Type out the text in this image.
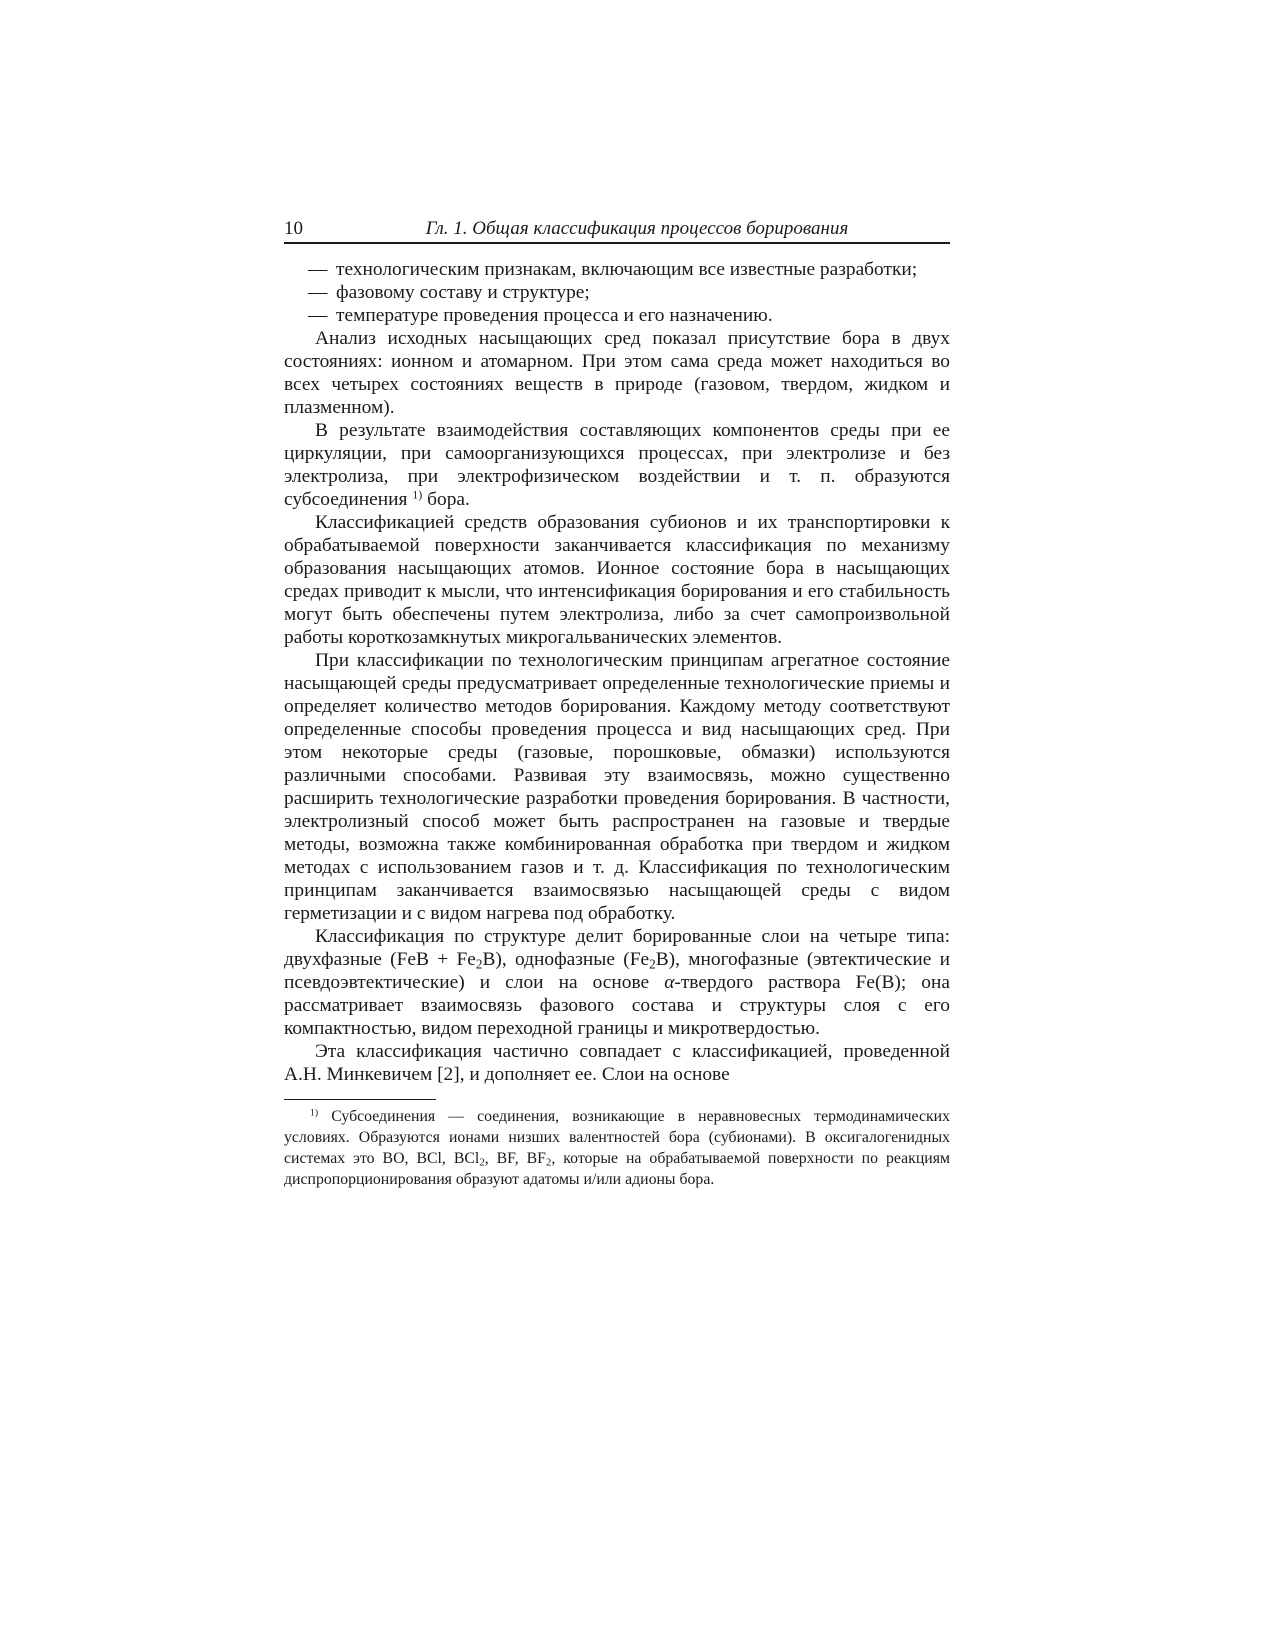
10	Гл. 1. Общая классификация процессов борирования
— технологическим признакам, включающим все известные разработки;
— фазовому составу и структуре;
— температуре проведения процесса и его назначению.

Анализ исходных насыщающих сред показал присутствие бора в двух состояниях: ионном и атомарном. При этом сама среда может находиться во всех четырех состояниях веществ в природе (газовом, твердом, жидком и плазменном).

В результате взаимодействия составляющих компонентов среды при ее циркуляции, при самоорганизующихся процессах, при электролизе и без электролиза, при электрофизическом воздействии и т. п. образуются субсоединения $^{1)}$ бора.

Классификацией средств образования субионов и их транспортировки к обрабатываемой поверхности заканчивается классификация по механизму образования насыщающих атомов. Ионное состояние бора в насыщающих средах приводит к мысли, что интенсификация борирования и его стабильность могут быть обеспечены путем электролиза, либо за счет самопроизвольной работы короткозамкнутых микрогальванических элементов.

При классификации по технологическим принципам агрегатное состояние насыщающей среды предусматривает определенные технологические приемы и определяет количество методов борирования. Каждому методу соответствуют определенные способы проведения процесса и вид насыщающих сред. При этом некоторые среды (газовые, порошковые, обмазки) используются различными способами. Развивая эту взаимосвязь, можно существенно расширить технологические разработки проведения борирования. В частности, электролизный способ может быть распространен на газовые и твердые методы, возможна также комбинированная обработка при твердом и жидком методах с использованием газов и т. д. Классификация по технологическим принципам заканчивается взаимосвязью насыщающей среды с видом герметизации и с видом нагрева под обработку.

Классификация по структуре делит борированные слои на четыре типа: двухфазные $(FeB + Fe_2B)$, однофазные $(Fe_2B)$, многофазные (эвтектические и псевдоэвтектические) и слои на основе α-твердого раствора Fe(B); она рассматривает взаимосвязь фазового состава и структуры слоя с его компактностью, видом переходной границы и микротвердостью.

Эта классификация частично совпадает с классификацией, проведенной А.Н. Минкевичем [2], и дополняет ее. Слои на основе

$^{1)}$ Субсоединения — соединения, возникающие в неравновесных термодинамических условиях. Образуются ионами низших валентностей бора (субионами). В оксигалогенидных системах это BO, BCl, BCl$_2$, BF, $BF_2$, которые на обрабатываемой поверхности по реакциям диспропорционирования образуют адатомы и/или адионы бора.
